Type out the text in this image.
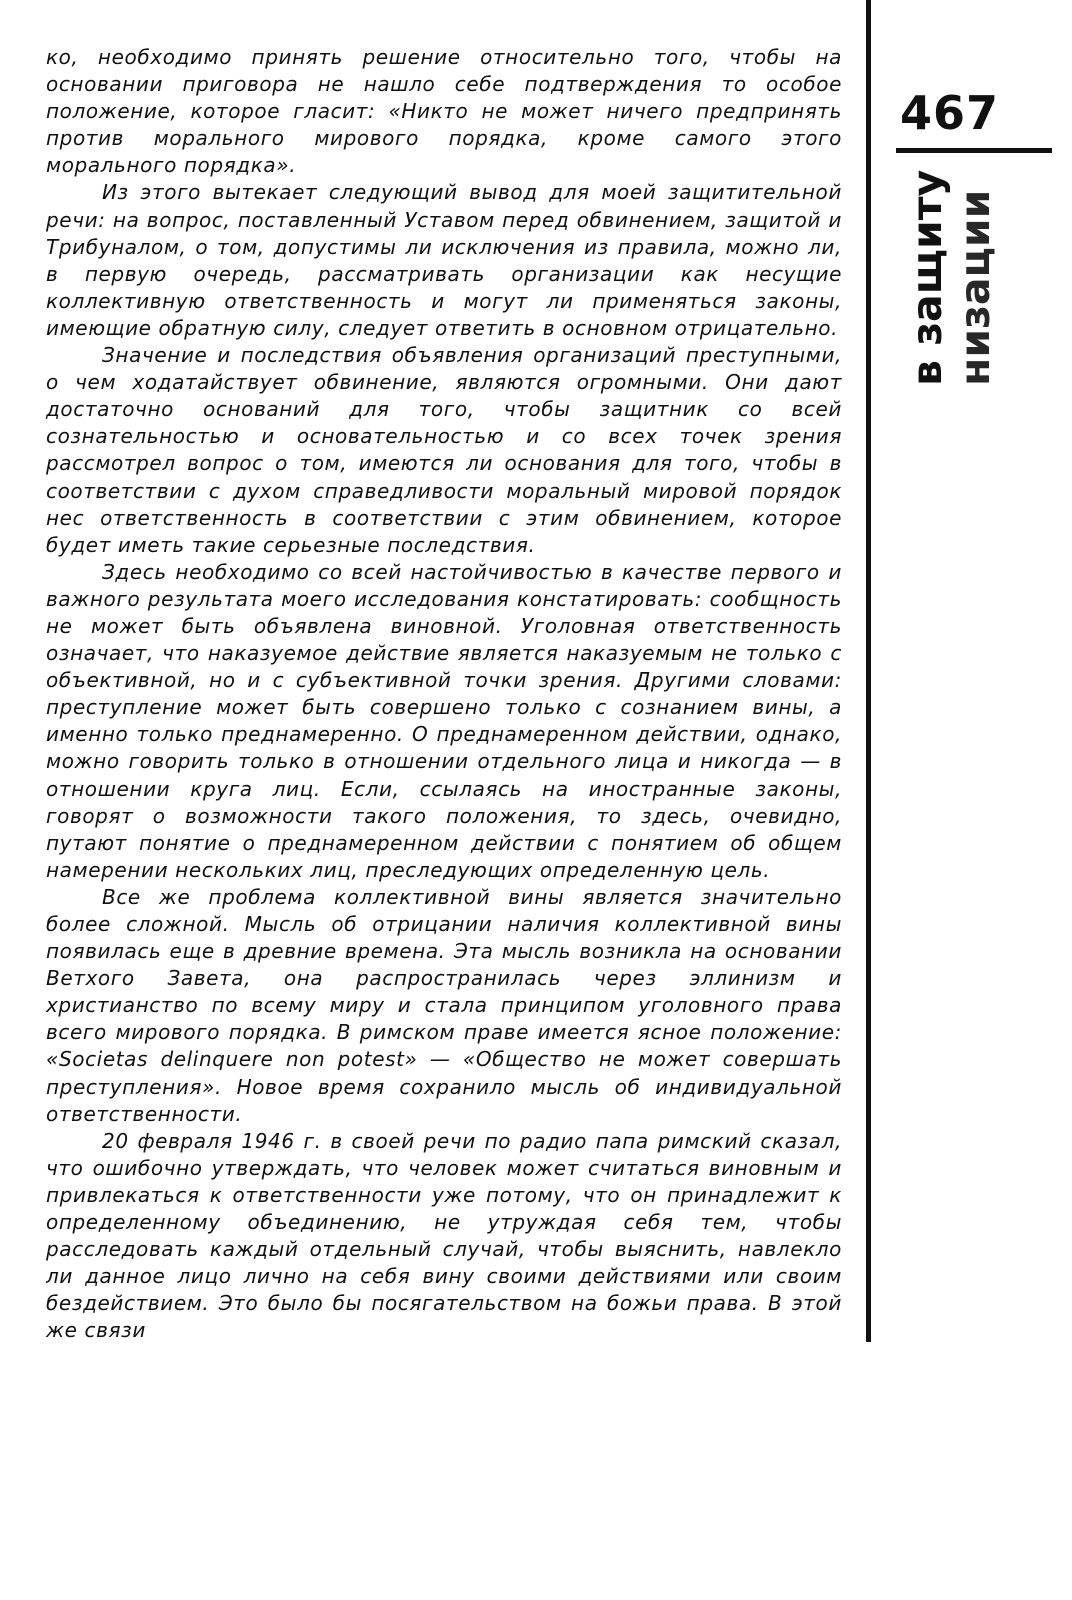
ко, необходимо принять решение относительно того, чтобы на основании приговора не нашло себе подтверждения то особое положение, которое гласит: «Никто не может ничего предпринять против морального мирового порядка, кроме самого этого морального порядка».

Из этого вытекает следующий вывод для моей защитительной речи: на вопрос, поставленный Уставом перед обвинением, защитой и Трибуналом, о том, допустимы ли исключения из правила, можно ли, в первую очередь, рассматривать организации как несущие коллективную ответственность и могут ли применяться законы, имеющие обратную силу, следует ответить в основном отрицательно.

Значение и последствия объявления организаций преступными, о чем ходатайствует обвинение, являются огромными. Они дают достаточно оснований для того, чтобы защитник со всей сознательностью и основательностью и со всех точек зрения рассмотрел вопрос о том, имеются ли основания для того, чтобы в соответствии с духом справедливости моральный мировой порядок нес ответственность в соответствии с этим обвинением, которое будет иметь такие серьезные последствия.

Здесь необходимо со всей настойчивостью в качестве первого и важного результата моего исследования констатировать: сообщность не может быть объявлена виновной. Уголовная ответственность означает, что наказуемое действие является наказуемым не только с объективной, но и с субъективной точки зрения. Другими словами: преступление может быть совершено только с сознанием вины, а именно только преднамеренно. О преднамеренном действии, однако, можно говорить только в отношении отдельного лица и никогда — в отношении круга лиц. Если, ссылаясь на иностранные законы, говорят о возможности такого положения, то здесь, очевидно, путают понятие о преднамеренном действии с понятием об общем намерении нескольких лиц, преследующих определенную цель.

Все же проблема коллективной вины является значительно более сложной. Мысль об отрицании наличия коллективной вины появилась еще в древние времена. Эта мысль возникла на основании Ветхого Завета, она распространилась через эллинизм и христианство по всему миру и стала принципом уголовного права всего мирового порядка. В римском праве имеется ясное положение: «Societas delinquere non potest» — «Общество не может совершать преступления». Новое время сохранило мысль об индивидуальной ответственности.

20 февраля 1946 г. в своей речи по радио папа римский сказал, что ошибочно утверждать, что человек может считаться виновным и привлекаться к ответственности уже потому, что он принадлежит к определенному объединению, не утруждая себя тем, чтобы расследовать каждый отдельный случай, чтобы выяснить, навлекло ли данное лицо лично на себя вину своими действиями или своим бездействием. Это было бы посягательством на божьи права. В этой же связи

467
в защиту низации
